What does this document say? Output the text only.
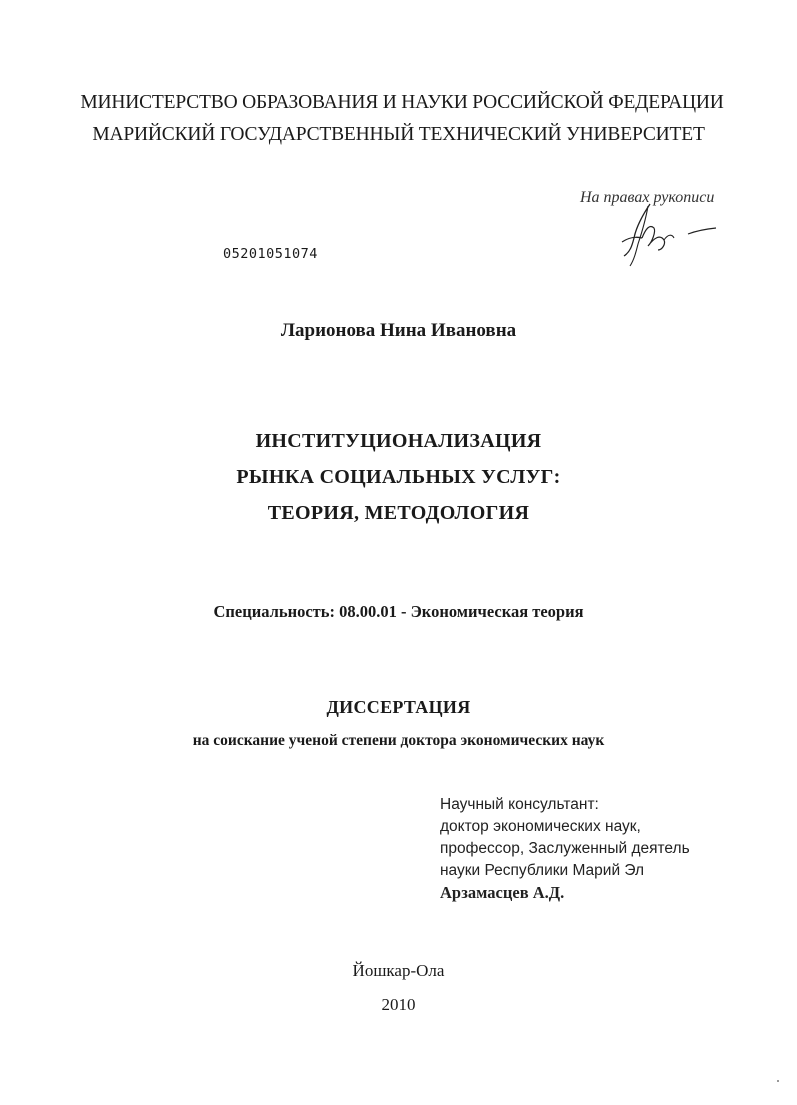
МИНИСТЕРСТВО ОБРАЗОВАНИЯ И НАУКИ РОССИЙСКОЙ ФЕДЕРАЦИИ
МАРИЙСКИЙ ГОСУДАРСТВЕННЫЙ ТЕХНИЧЕСКИЙ УНИВЕРСИТЕТ
На правах рукописи
05201051074
Ларионова Нина Ивановна
ИНСТИТУЦИОНАЛИЗАЦИЯ
РЫНКА СОЦИАЛЬНЫХ УСЛУГ:
ТЕОРИЯ, МЕТОДОЛОГИЯ
Специальность: 08.00.01 - Экономическая теория
ДИССЕРТАЦИЯ
на соискание ученой степени доктора экономических наук
Научный консультант:
доктор экономических наук,
профессор, Заслуженный деятель
науки Республики Марий Эл
Арзамасцев А.Д.
Йошкар-Ола
2010
